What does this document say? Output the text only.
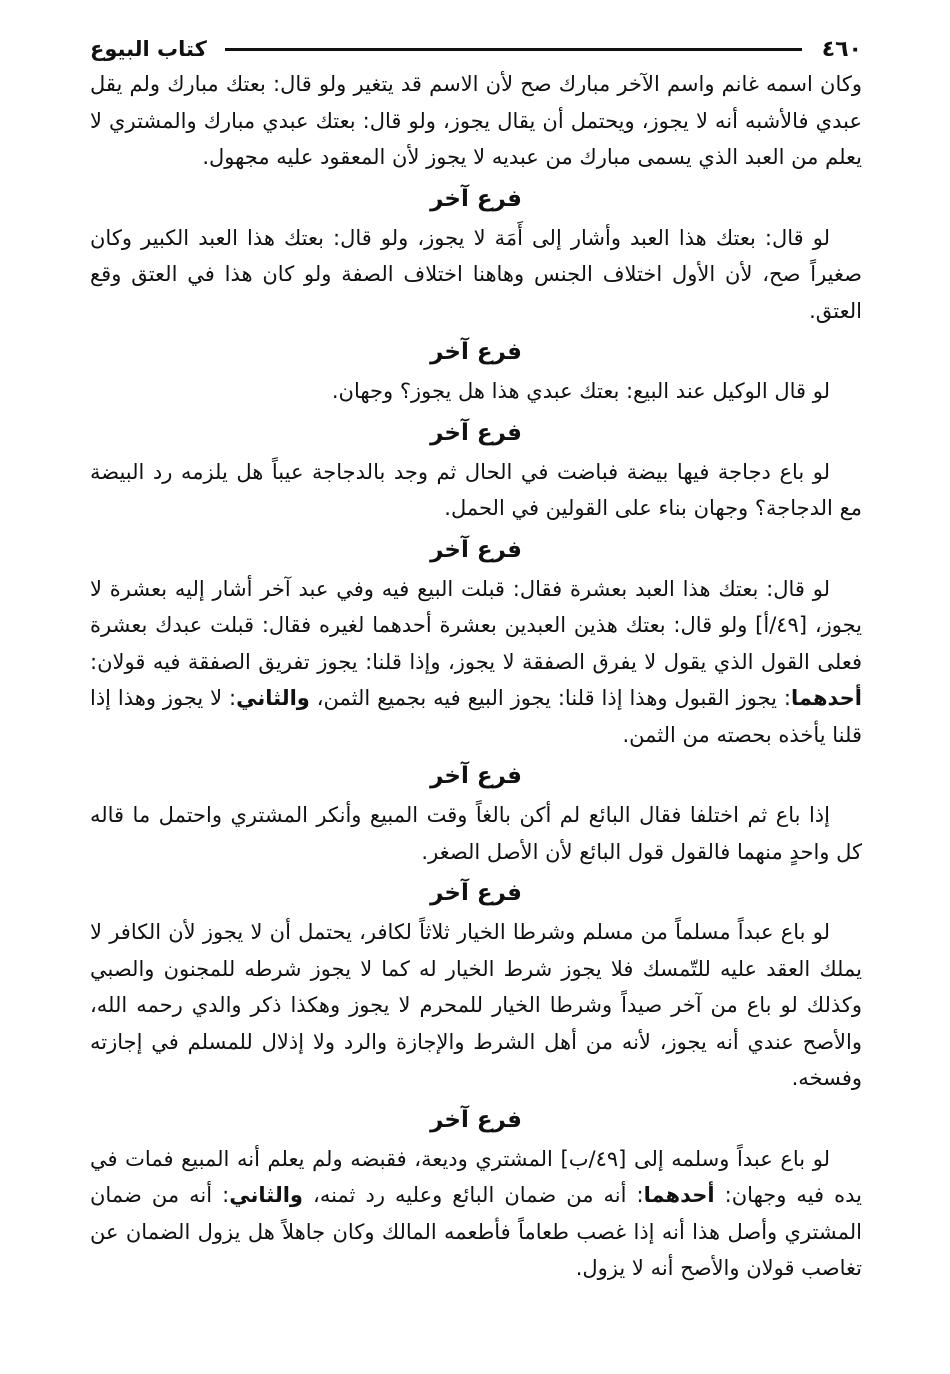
٤٦٠
كتاب البيوع

وكان اسمه غانم واسم الآخر مبارك صح لأن الاسم قد يتغير ولو قال: بعتك مبارك ولم يقل عبدي فالأشبه أنه لا يجوز، ويحتمل أن يقال يجوز، ولو قال: بعتك عبدي مبارك والمشتري لا يعلم من العبد الذي يسمى مبارك من عبديه لا يجوز لأن المعقود عليه مجهول.

فرع آخر

لو قال: بعتك هذا العبد وأشار إلى أَمَة لا يجوز، ولو قال: بعتك هذا العبد الكبير وكان صغيراً صح، لأن الأول اختلاف الجنس وهاهنا اختلاف الصفة ولو كان هذا في العتق وقع العتق.

فرع آخر

لو قال الوكيل عند البيع: بعتك عبدي هذا هل يجوز؟ وجهان.

فرع آخر

لو باع دجاجة فيها بيضة فباضت في الحال ثم وجد بالدجاجة عيباً هل يلزمه رد البيضة مع الدجاجة؟ وجهان بناء على القولين في الحمل.

فرع آخر

لو قال: بعتك هذا العبد بعشرة فقال: قبلت البيع فيه وفي عبد آخر أشار إليه بعشرة لا يجوز، [٤٩/أ] ولو قال: بعتك هذين العبدين بعشرة أحدهما لغيره فقال: قبلت عبدك بعشرة فعلى القول الذي يقول لا يفرق الصفقة لا يجوز، وإذا قلنا: يجوز تفريق الصفقة فيه قولان: أحدهما: يجوز القبول وهذا إذا قلنا: يجوز البيع فيه بجميع الثمن، والثاني: لا يجوز وهذا إذا قلنا يأخذه بحصته من الثمن.

فرع آخر

إذا باع ثم اختلفا فقال البائع لم أكن بالغاً وقت المبيع وأنكر المشتري واحتمل ما قاله كل واحدٍ منهما فالقول قول البائع لأن الأصل الصغر.

فرع آخر

لو باع عبداً مسلماً من مسلم وشرطا الخيار ثلاثاً لكافر، يحتمل أن لا يجوز لأن الكافر لا يملك العقد عليه للتّمسك فلا يجوز شرط الخيار له كما لا يجوز شرطه للمجنون والصبي وكذلك لو باع من آخر صيداً وشرطا الخيار للمحرم لا يجوز وهكذا ذكر والدي رحمه الله، والأصح عندي أنه يجوز، لأنه من أهل الشرط والإجازة والرد ولا إذلال للمسلم في إجازته وفسخه.

فرع آخر

لو باع عبداً وسلمه إلى [٤٩/ب] المشتري وديعة، فقبضه ولم يعلم أنه المبيع فمات في يده فيه وجهان: أحدهما: أنه من ضمان البائع وعليه رد ثمنه، والثاني: أنه من ضمان المشتري وأصل هذا أنه إذا غصب طعاماً فأطعمه المالك وكان جاهلاً هل يزول الضمان عن تغاصب قولان والأصح أنه لا يزول.
